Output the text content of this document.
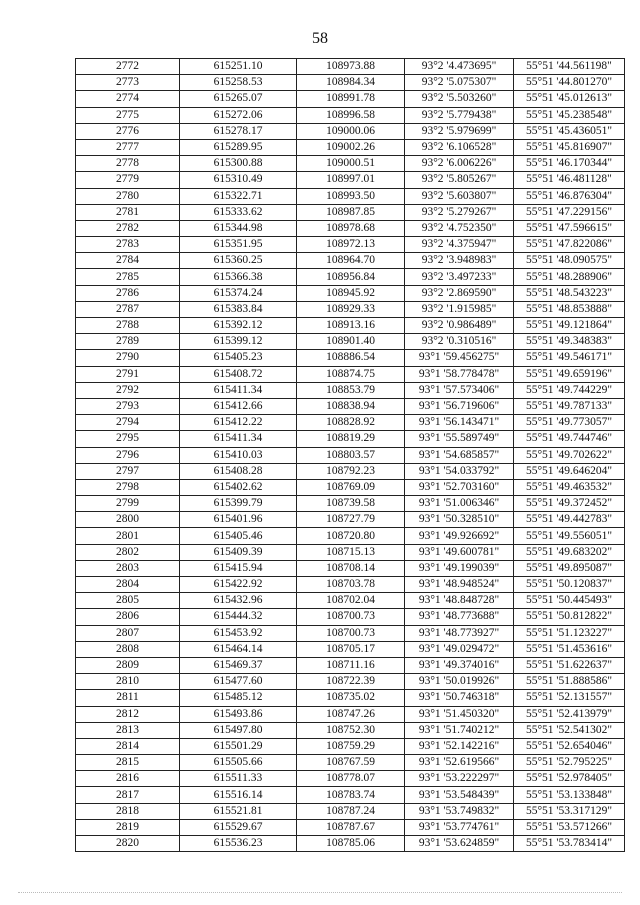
58
2772	615251.10	108973.88	93°2 '4.473695"	55°51 '44.561198"
2773	615258.53	108984.34	93°2 '5.075307"	55°51 '44.801270"
2774	615265.07	108991.78	93°2 '5.503260"	55°51 '45.012613"
2775	615272.06	108996.58	93°2 '5.779438"	55°51 '45.238548"
2776	615278.17	109000.06	93°2 '5.979699"	55°51 '45.436051"
2777	615289.95	109002.26	93°2 '6.106528"	55°51 '45.816907"
2778	615300.88	109000.51	93°2 '6.006226"	55°51 '46.170344"
2779	615310.49	108997.01	93°2 '5.805267"	55°51 '46.481128"
2780	615322.71	108993.50	93°2 '5.603807"	55°51 '46.876304"
2781	615333.62	108987.85	93°2 '5.279267"	55°51 '47.229156"
2782	615344.98	108978.68	93°2 '4.752350"	55°51 '47.596615"
2783	615351.95	108972.13	93°2 '4.375947"	55°51 '47.822086"
2784	615360.25	108964.70	93°2 '3.948983"	55°51 '48.090575"
2785	615366.38	108956.84	93°2 '3.497233"	55°51 '48.288906"
2786	615374.24	108945.92	93°2 '2.869590"	55°51 '48.543223"
2787	615383.84	108929.33	93°2 '1.915985"	55°51 '48.853888"
2788	615392.12	108913.16	93°2 '0.986489"	55°51 '49.121864"
2789	615399.12	108901.40	93°2 '0.310516"	55°51 '49.348383"
2790	615405.23	108886.54	93°1 '59.456275"	55°51 '49.546171"
2791	615408.72	108874.75	93°1 '58.778478"	55°51 '49.659196"
2792	615411.34	108853.79	93°1 '57.573406"	55°51 '49.744229"
2793	615412.66	108838.94	93°1 '56.719606"	55°51 '49.787133"
2794	615412.22	108828.92	93°1 '56.143471"	55°51 '49.773057"
2795	615411.34	108819.29	93°1 '55.589749"	55°51 '49.744746"
2796	615410.03	108803.57	93°1 '54.685857"	55°51 '49.702622"
2797	615408.28	108792.23	93°1 '54.033792"	55°51 '49.646204"
2798	615402.62	108769.09	93°1 '52.703160"	55°51 '49.463532"
2799	615399.79	108739.58	93°1 '51.006346"	55°51 '49.372452"
2800	615401.96	108727.79	93°1 '50.328510"	55°51 '49.442783"
2801	615405.46	108720.80	93°1 '49.926692"	55°51 '49.556051"
2802	615409.39	108715.13	93°1 '49.600781"	55°51 '49.683202"
2803	615415.94	108708.14	93°1 '49.199039"	55°51 '49.895087"
2804	615422.92	108703.78	93°1 '48.948524"	55°51 '50.120837"
2805	615432.96	108702.04	93°1 '48.848728"	55°51 '50.445493"
2806	615444.32	108700.73	93°1 '48.773688"	55°51 '50.812822"
2807	615453.92	108700.73	93°1 '48.773927"	55°51 '51.123227"
2808	615464.14	108705.17	93°1 '49.029472"	55°51 '51.453616"
2809	615469.37	108711.16	93°1 '49.374016"	55°51 '51.622637"
2810	615477.60	108722.39	93°1 '50.019926"	55°51 '51.888586"
2811	615485.12	108735.02	93°1 '50.746318"	55°51 '52.131557"
2812	615493.86	108747.26	93°1 '51.450320"	55°51 '52.413979"
2813	615497.80	108752.30	93°1 '51.740212"	55°51 '52.541302"
2814	615501.29	108759.29	93°1 '52.142216"	55°51 '52.654046"
2815	615505.66	108767.59	93°1 '52.619566"	55°51 '52.795225"
2816	615511.33	108778.07	93°1 '53.222297"	55°51 '52.978405"
2817	615516.14	108783.74	93°1 '53.548439"	55°51 '53.133848"
2818	615521.81	108787.24	93°1 '53.749832"	55°51 '53.317129"
2819	615529.67	108787.67	93°1 '53.774761"	55°51 '53.571266"
2820	615536.23	108785.06	93°1 '53.624859"	55°51 '53.783414"
